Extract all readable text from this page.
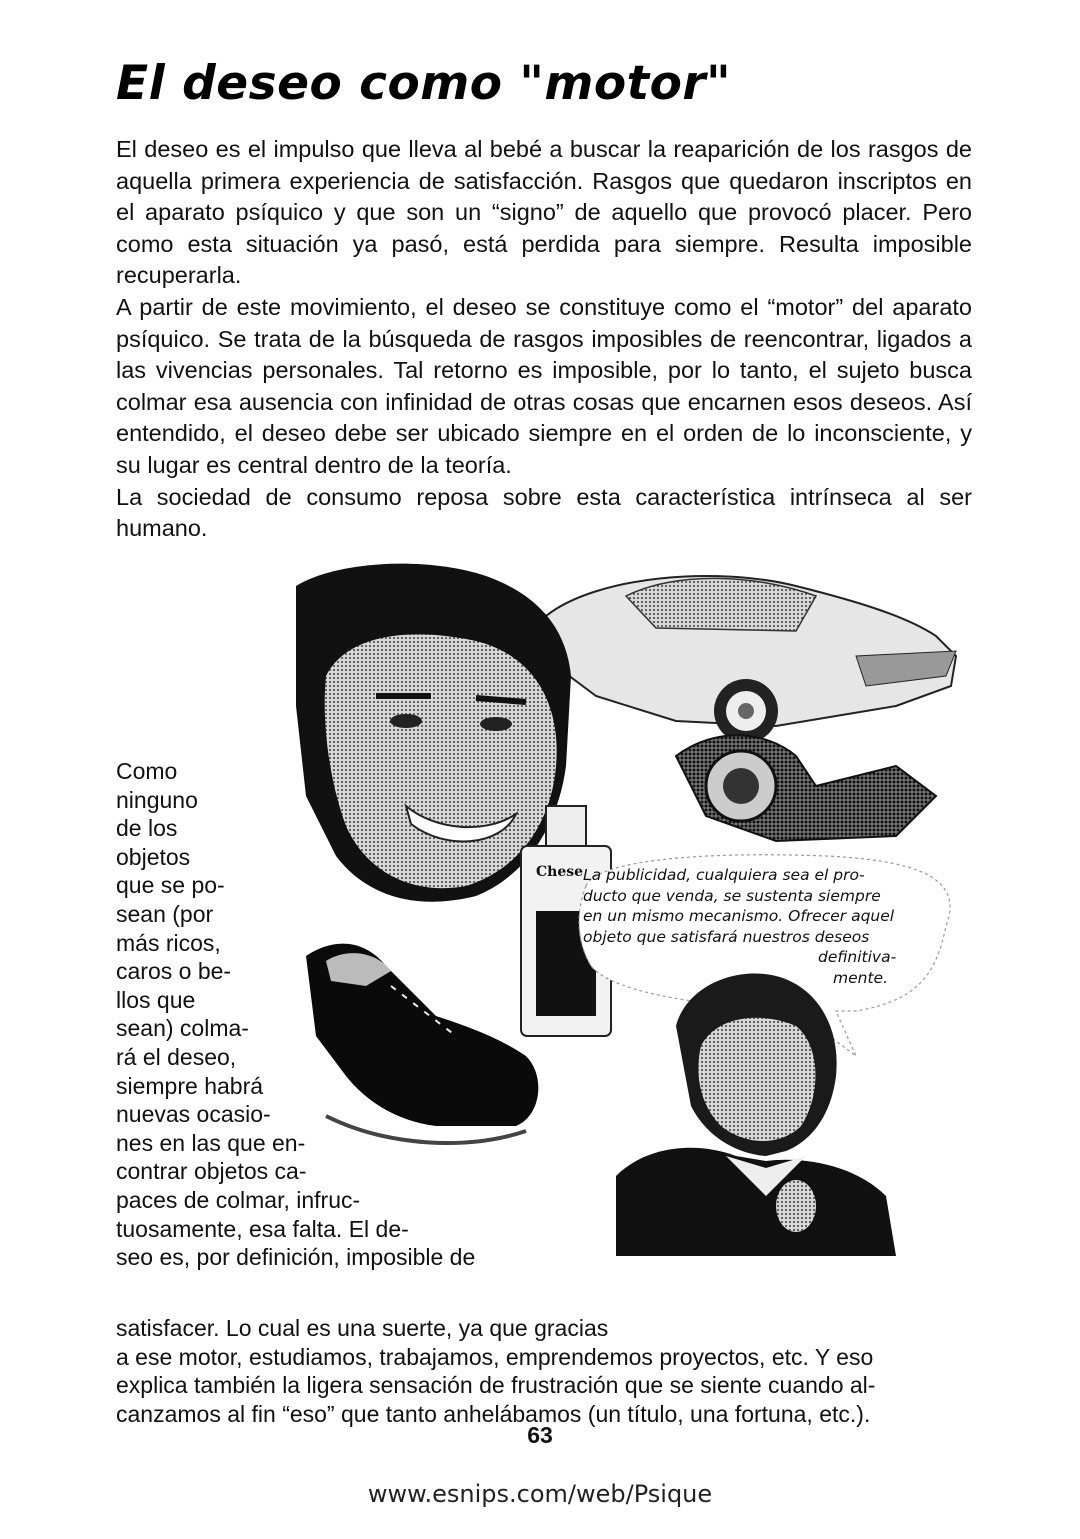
El deseo como "motor"

El deseo es el impulso que lleva al bebé a buscar la reaparición de los rasgos de aquella primera experiencia de satisfacción. Rasgos que quedaron inscriptos en el aparato psíquico y que son un “signo” de aquello que provocó placer. Pero como esta situación ya pasó, está perdida para siempre. Resulta imposible recuperarla.

A partir de este movimiento, el deseo se constituye como el “motor” del aparato psíquico. Se trata de la búsqueda de rasgos imposibles de reencontrar, ligados a las vivencias personales. Tal retorno es imposible, por lo tanto, el sujeto busca colmar esa ausencia con infinidad de otras cosas que encarnen esos deseos. Así entendido, el deseo debe ser ubicado siempre en el orden de lo inconsciente, y su lugar es central dentro de la teoría.

La sociedad de consumo reposa sobre esta característica intrínseca al ser humano.

Chese La publicidad, cualquiera sea el pro-
ducto que venda, se sustenta siempre
en un mismo mecanismo. Ofrecer aquel
objeto que satisfará nuestros deseos
definitiva-
mente.
Como
ninguno
de los
objetos
que se po-
sean (por
más ricos,
caros o be-
llos que
sean) colma-
rá el deseo,
siempre habrá
nuevas ocasio-
nes en las que en-
contrar objetos ca-
paces de colmar, infruc-
tuosamente, esa falta. El de-
seo es, por definición, imposible de
satisfacer. Lo cual es una suerte, ya que gracias
a ese motor, estudiamos, trabajamos, emprendemos proyectos, etc. Y eso
explica también la ligera sensación de frustración que se siente cuando al-
canzamos al fin “eso” que tanto anhelábamos (un título, una fortuna, etc.).
63
www.esnips.com/web/Psique
